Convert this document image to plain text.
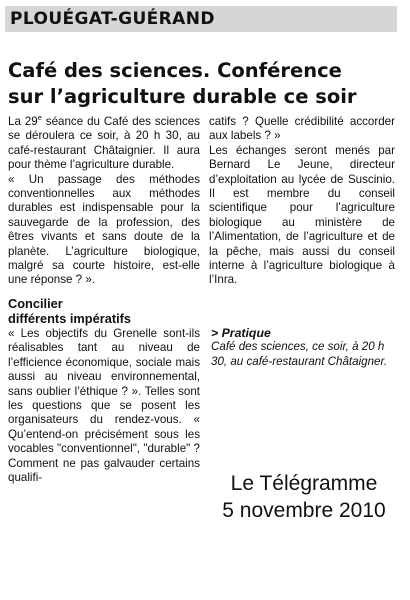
PLOUÉGAT-GUÉRAND
Café des sciences. Conférence
sur l’agriculture durable ce soir

La 29e séance du Café des sciences se déroulera ce soir, à 20 h 30, au café-restaurant Châtaignier. Il aura pour thème l’agriculture durable.

« Un passage des méthodes conventionnelles aux méthodes durables est indispensable pour la sauvegarde de la profession, des êtres vivants et sans doute de la planète. L’agriculture biologique, malgré sa courte histoire, est-elle une réponse ? ».

Concilier
différents impératifs

« Les objectifs du Grenelle sont-ils réalisables tant au niveau de l’efficience économique, sociale mais aussi au niveau environnemental, sans oublier l’éthique ? ». Telles sont les questions que se posent les organisateurs du rendez-vous. « Qu’entend-on précisément sous les vocables "conventionnel", "durable" ? Comment ne pas galvauder certains qualifi-

catifs ? Quelle crédibilité accorder aux labels ? »

Les échanges seront menés par Bernard Le Jeune, directeur d’exploitation au lycée de Suscinio. Il est membre du conseil scientifique pour l’agriculture biologique au ministère de l’Alimentation, de l’agriculture et de la pêche, mais aussi du conseil interne à l’agriculture biologique à l’Inra.

> Pratique
Café des sciences, ce soir, à 20 h 30, au café-restaurant Châtaigner.
Le Télégramme
5 novembre 2010
